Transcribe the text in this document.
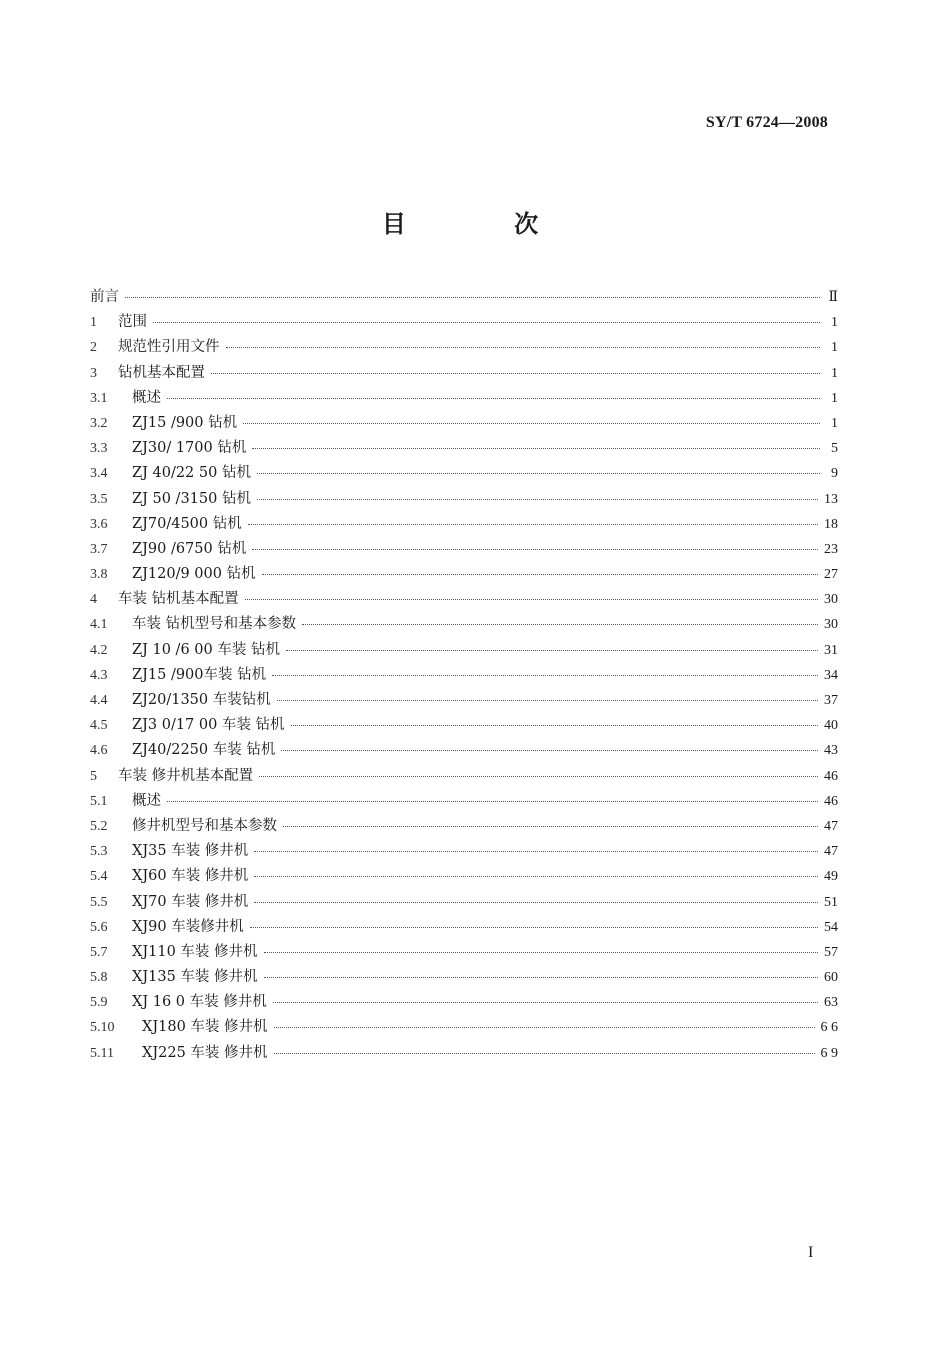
SY/T 6724—2008

目 次
前言	Ⅱ
1	范围	1
2	规范性引用文件	1
3	钻机基本配置	1
3.1	概述	1
3.2	ZJ15 /900 钻机	1
3.3	ZJ30/ 1700 钻机	5
3.4	ZJ 40/22 50 钻机	9
3.5	ZJ 50 /3150 钻机	13
3.6	ZJ70/4500 钻机	18
3.7	ZJ90 /6750 钻机	23
3.8	ZJ120/9 000 钻机	27
4	车装 钻机基本配置	30
4.1	车装 钻机型号和基本参数	30
4.2	ZJ 10 /6 00 车装 钻机	31
4.3	ZJ15 /900车装 钻机	34
4.4	ZJ20/1350 车装钻机	37
4.5	ZJ3 0/17 00 车装 钻机	40
4.6	ZJ40/2250 车装 钻机	43
5	车装 修井机基本配置	46
5.1	概述	46
5.2	修井机型号和基本参数	47
5.3	XJ35 车装 修井机	47
5.4	XJ60 车装 修井机	49
5.5	XJ70 车装 修井机	51
5.6	XJ90 车装修井机	54
5.7	XJ110 车装 修井机	57
5.8	XJ135 车装 修井机	60
5.9	XJ 16 0 车装 修井机	63
5.10	XJ180 车装 修井机	6 6
5.11	XJ225 车装 修井机	6 9

I
